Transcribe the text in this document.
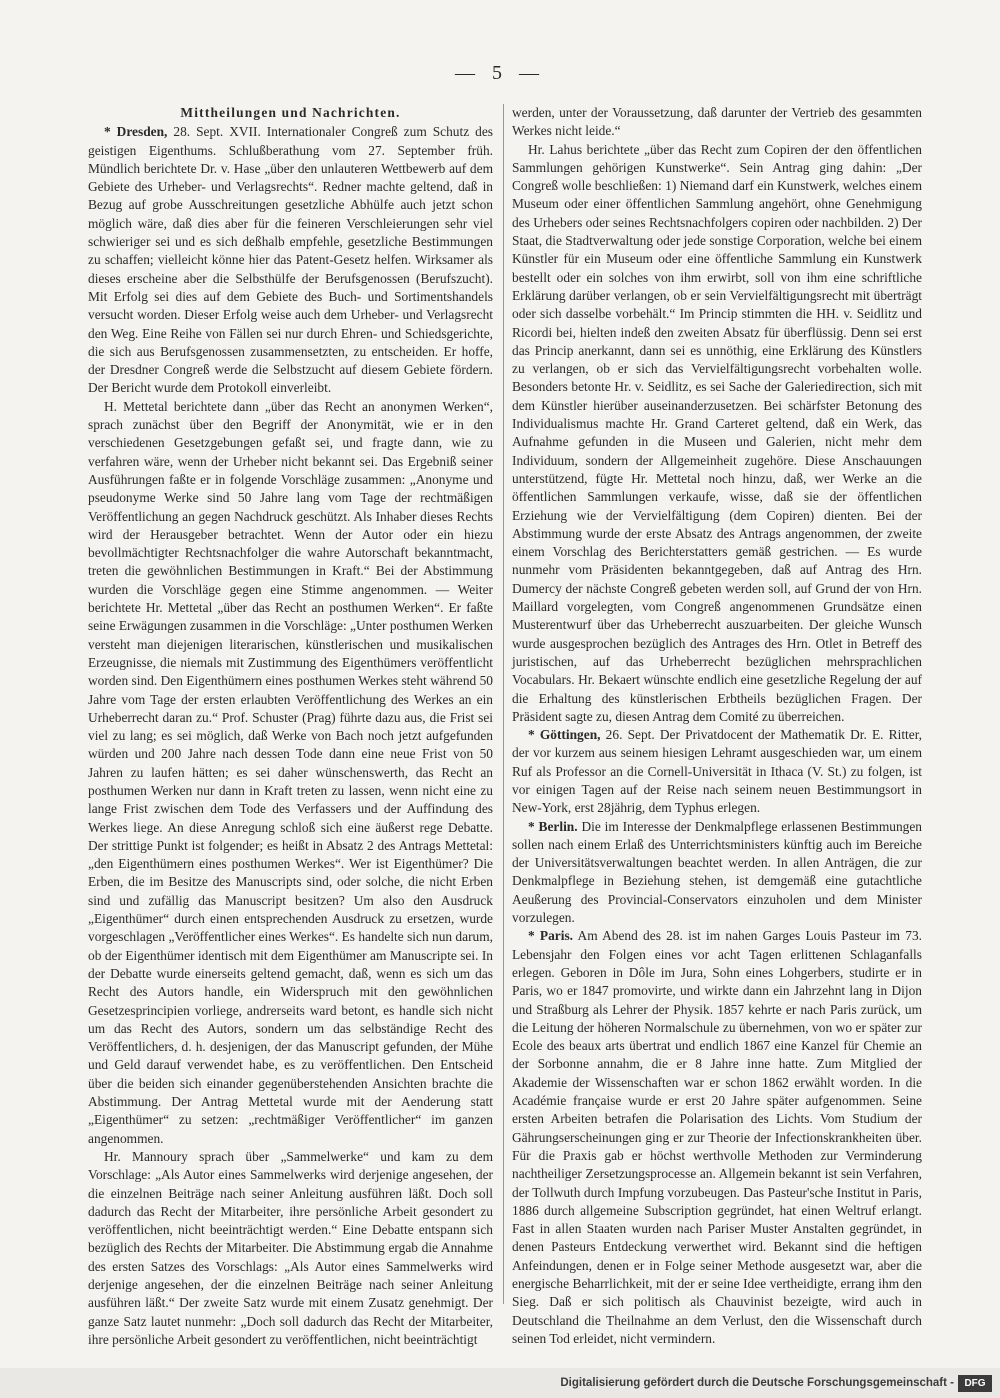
— 5 —
Mittheilungen und Nachrichten.

* Dresden, 28. Sept. XVII. Internationaler Congreß zum Schutz des geistigen Eigenthums. Schlußberathung vom 27. September früh. Mündlich berichtete Dr. v. Hase „über den unlauteren Wettbewerb auf dem Gebiete des Urheber- und Verlagsrechts“. Redner machte geltend, daß in Bezug auf grobe Ausschreitungen gesetzliche Abhülfe auch jetzt schon möglich wäre, daß dies aber für die feineren Verschleierungen sehr viel schwieriger sei und es sich deßhalb empfehle, gesetzliche Bestimmungen zu schaffen; vielleicht könne hier das Patent-Gesetz helfen. Wirksamer als dieses erscheine aber die Selbsthülfe der Berufsgenossen (Berufszucht). Mit Erfolg sei dies auf dem Gebiete des Buch- und Sortimentshandels versucht worden. Dieser Erfolg weise auch dem Urheber- und Verlagsrecht den Weg. Eine Reihe von Fällen sei nur durch Ehren- und Schiedsgerichte, die sich aus Berufsgenossen zusammensetzten, zu entscheiden. Er hoffe, der Dresdner Congreß werde die Selbstzucht auf diesem Gebiete fördern. Der Bericht wurde dem Protokoll einverleibt.

H. Mettetal berichtete dann „über das Recht an anonymen Werken“, sprach zunächst über den Begriff der Anonymität, wie er in den verschiedenen Gesetzgebungen gefaßt sei, und fragte dann, wie zu verfahren wäre, wenn der Urheber nicht bekannt sei. Das Ergebniß seiner Ausführungen faßte er in folgende Vorschläge zusammen: „Anonyme und pseudonyme Werke sind 50 Jahre lang vom Tage der rechtmäßigen Veröffentlichung an gegen Nachdruck geschützt. Als Inhaber dieses Rechts wird der Herausgeber betrachtet. Wenn der Autor oder ein hiezu bevollmächtigter Rechtsnachfolger die wahre Autorschaft bekanntmacht, treten die gewöhnlichen Bestimmungen in Kraft.“ Bei der Abstimmung wurden die Vorschläge gegen eine Stimme angenommen. — Weiter berichtete Hr. Mettetal „über das Recht an posthumen Werken“. Er faßte seine Erwägungen zusammen in die Vorschläge: „Unter posthumen Werken versteht man diejenigen literarischen, künstlerischen und musikalischen Erzeugnisse, die niemals mit Zustimmung des Eigenthümers veröffentlicht worden sind. Den Eigenthümern eines posthumen Werkes steht während 50 Jahre vom Tage der ersten erlaubten Veröffentlichung des Werkes an ein Urheberrecht daran zu.“ Prof. Schuster (Prag) führte dazu aus, die Frist sei viel zu lang; es sei möglich, daß Werke von Bach noch jetzt aufgefunden würden und 200 Jahre nach dessen Tode dann eine neue Frist von 50 Jahren zu laufen hätten; es sei daher wünschenswerth, das Recht an posthumen Werken nur dann in Kraft treten zu lassen, wenn nicht eine zu lange Frist zwischen dem Tode des Verfassers und der Auffindung des Werkes liege. An diese Anregung schloß sich eine äußerst rege Debatte. Der strittige Punkt ist folgender; es heißt in Absatz 2 des Antrags Mettetal: „den Eigenthümern eines posthumen Werkes“. Wer ist Eigenthümer? Die Erben, die im Besitze des Manuscripts sind, oder solche, die nicht Erben sind und zufällig das Manuscript besitzen? Um also den Ausdruck „Eigenthümer“ durch einen entsprechenden Ausdruck zu ersetzen, wurde vorgeschlagen „Veröffentlicher eines Werkes“. Es handelte sich nun darum, ob der Eigenthümer identisch mit dem Eigenthümer am Manuscripte sei. In der Debatte wurde einerseits geltend gemacht, daß, wenn es sich um das Recht des Autors handle, ein Widerspruch mit den gewöhnlichen Gesetzesprincipien vorliege, andrerseits ward betont, es handle sich nicht um das Recht des Autors, sondern um das selbständige Recht des Veröffentlichers, d. h. desjenigen, der das Manuscript gefunden, der Mühe und Geld darauf verwendet habe, es zu veröffentlichen. Den Entscheid über die beiden sich einander gegenüberstehenden Ansichten brachte die Abstimmung. Der Antrag Mettetal wurde mit der Aenderung statt „Eigenthümer“ zu setzen: „rechtmäßiger Veröffentlicher“ im ganzen angenommen.

Hr. Mannoury sprach über „Sammelwerke“ und kam zu dem Vorschlage: „Als Autor eines Sammelwerks wird derjenige angesehen, der die einzelnen Beiträge nach seiner Anleitung ausführen läßt. Doch soll dadurch das Recht der Mitarbeiter, ihre persönliche Arbeit gesondert zu veröffentlichen, nicht beeinträchtigt werden.“ Eine Debatte entspann sich bezüglich des Rechts der Mitarbeiter. Die Abstimmung ergab die Annahme des ersten Satzes des Vorschlags: „Als Autor eines Sammelwerks wird derjenige angesehen, der die einzelnen Beiträge nach seiner Anleitung ausführen läßt.“ Der zweite Satz wurde mit einem Zusatz genehmigt. Der ganze Satz lautet nunmehr: „Doch soll dadurch das Recht der Mitarbeiter, ihre persönliche Arbeit gesondert zu veröffentlichen, nicht beeinträchtigt

werden, unter der Voraussetzung, daß darunter der Vertrieb des gesammten Werkes nicht leide.“

Hr. Lahus berichtete „über das Recht zum Copiren der den öffentlichen Sammlungen gehörigen Kunstwerke“. Sein Antrag ging dahin: „Der Congreß wolle beschließen: 1) Niemand darf ein Kunstwerk, welches einem Museum oder einer öffentlichen Sammlung angehört, ohne Genehmigung des Urhebers oder seines Rechtsnachfolgers copiren oder nachbilden. 2) Der Staat, die Stadtverwaltung oder jede sonstige Corporation, welche bei einem Künstler für ein Museum oder eine öffentliche Sammlung ein Kunstwerk bestellt oder ein solches von ihm erwirbt, soll von ihm eine schriftliche Erklärung darüber verlangen, ob er sein Vervielfältigungsrecht mit überträgt oder sich dasselbe vorbehält.“ Im Princip stimmten die HH. v. Seidlitz und Ricordi bei, hielten indeß den zweiten Absatz für überflüssig. Denn sei erst das Princip anerkannt, dann sei es unnöthig, eine Erklärung des Künstlers zu verlangen, ob er sich das Vervielfältigungsrecht vorbehalten wolle. Besonders betonte Hr. v. Seidlitz, es sei Sache der Galeriedirection, sich mit dem Künstler hierüber auseinanderzusetzen. Bei schärfster Betonung des Individualismus machte Hr. Grand Carteret geltend, daß ein Werk, das Aufnahme gefunden in die Museen und Galerien, nicht mehr dem Individuum, sondern der Allgemeinheit zugehöre. Diese Anschauungen unterstützend, fügte Hr. Mettetal noch hinzu, daß, wer Werke an die öffentlichen Sammlungen verkaufe, wisse, daß sie der öffentlichen Erziehung wie der Vervielfältigung (dem Copiren) dienten. Bei der Abstimmung wurde der erste Absatz des Antrags angenommen, der zweite einem Vorschlag des Berichterstatters gemäß gestrichen. — Es wurde nunmehr vom Präsidenten bekanntgegeben, daß auf Antrag des Hrn. Dumercy der nächste Congreß gebeten werden soll, auf Grund der von Hrn. Maillard vorgelegten, vom Congreß angenommenen Grundsätze einen Musterentwurf über das Urheberrecht auszuarbeiten. Der gleiche Wunsch wurde ausgesprochen bezüglich des Antrages des Hrn. Otlet in Betreff des juristischen, auf das Urheberrecht bezüglichen mehrsprachlichen Vocabulars. Hr. Bekaert wünschte endlich eine gesetzliche Regelung der auf die Erhaltung des künstlerischen Erbtheils bezüglichen Fragen. Der Präsident sagte zu, diesen Antrag dem Comité zu überreichen.

* Göttingen, 26. Sept. Der Privatdocent der Mathematik Dr. E. Ritter, der vor kurzem aus seinem hiesigen Lehramt ausgeschieden war, um einem Ruf als Professor an die Cornell-Universität in Ithaca (V. St.) zu folgen, ist vor einigen Tagen auf der Reise nach seinem neuen Bestimmungsort in New-York, erst 28jährig, dem Typhus erlegen.

* Berlin. Die im Interesse der Denkmalpflege erlassenen Bestimmungen sollen nach einem Erlaß des Unterrichtsministers künftig auch im Bereiche der Universitätsverwaltungen beachtet werden. In allen Anträgen, die zur Denkmalpflege in Beziehung stehen, ist demgemäß eine gutachtliche Aeußerung des Provincial-Conservators einzuholen und dem Minister vorzulegen.

* Paris. Am Abend des 28. ist im nahen Garges Louis Pasteur im 73. Lebensjahr den Folgen eines vor acht Tagen erlittenen Schlaganfalls erlegen. Geboren in Dôle im Jura, Sohn eines Lohgerbers, studirte er in Paris, wo er 1847 promovirte, und wirkte dann ein Jahrzehnt lang in Dijon und Straßburg als Lehrer der Physik. 1857 kehrte er nach Paris zurück, um die Leitung der höheren Normalschule zu übernehmen, von wo er später zur Ecole des beaux arts übertrat und endlich 1867 eine Kanzel für Chemie an der Sorbonne annahm, die er 8 Jahre inne hatte. Zum Mitglied der Akademie der Wissenschaften war er schon 1862 erwählt worden. In die Académie française wurde er erst 20 Jahre später aufgenommen. Seine ersten Arbeiten betrafen die Polarisation des Lichts. Vom Studium der Gährungserscheinungen ging er zur Theorie der Infectionskrankheiten über. Für die Praxis gab er höchst werthvolle Methoden zur Verminderung nachtheiliger Zersetzungsprocesse an. Allgemein bekannt ist sein Verfahren, der Tollwuth durch Impfung vorzubeugen. Das Pasteur'sche Institut in Paris, 1886 durch allgemeine Subscription gegründet, hat einen Weltruf erlangt. Fast in allen Staaten wurden nach Pariser Muster Anstalten gegründet, in denen Pasteurs Entdeckung verwerthet wird. Bekannt sind die heftigen Anfeindungen, denen er in Folge seiner Methode ausgesetzt war, aber die energische Beharrlichkeit, mit der er seine Idee vertheidigte, errang ihm den Sieg. Daß er sich politisch als Chauvinist bezeigte, wird auch in Deutschland die Theilnahme an dem Verlust, den die Wissenschaft durch seinen Tod erleidet, nicht vermindern.

Digitalisierung gefördert durch die Deutsche Forschungsgemeinschaft -	DFG
